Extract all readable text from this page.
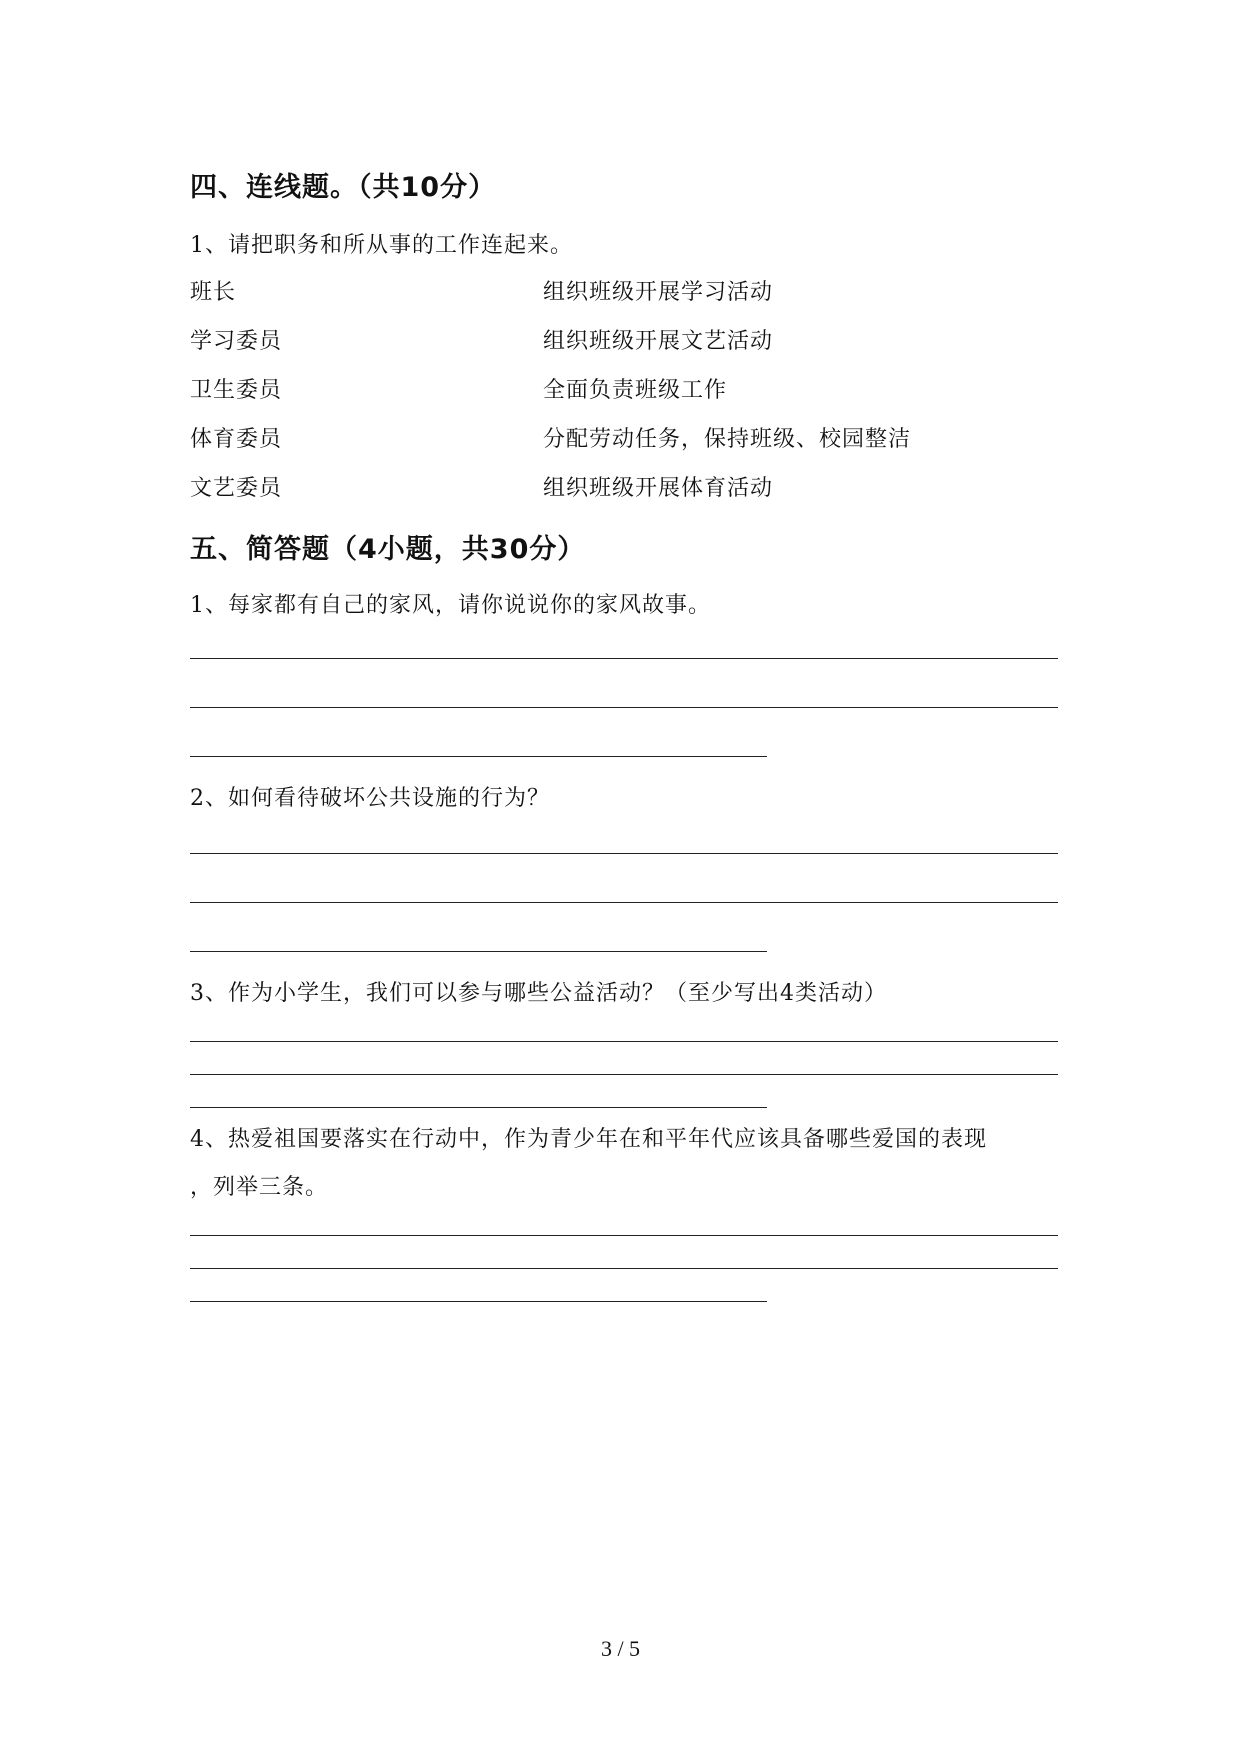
四、连线题。（共10分）
1、请把职务和所从事的工作连起来。
班长	组织班级开展学习活动
学习委员	组织班级开展文艺活动
卫生委员	全面负责班级工作
体育委员	分配劳动任务，保持班级、校园整洁
文艺委员	组织班级开展体育活动
五、简答题（4小题，共30分）
1、每家都有自己的家风，请你说说你的家风故事。
2、如何看待破坏公共设施的行为？
3、作为小学生，我们可以参与哪些公益活动？（至少写出4类活动）
4、热爱祖国要落实在行动中，作为青少年在和平年代应该具备哪些爱国的表现
，列举三条。
3 / 5
